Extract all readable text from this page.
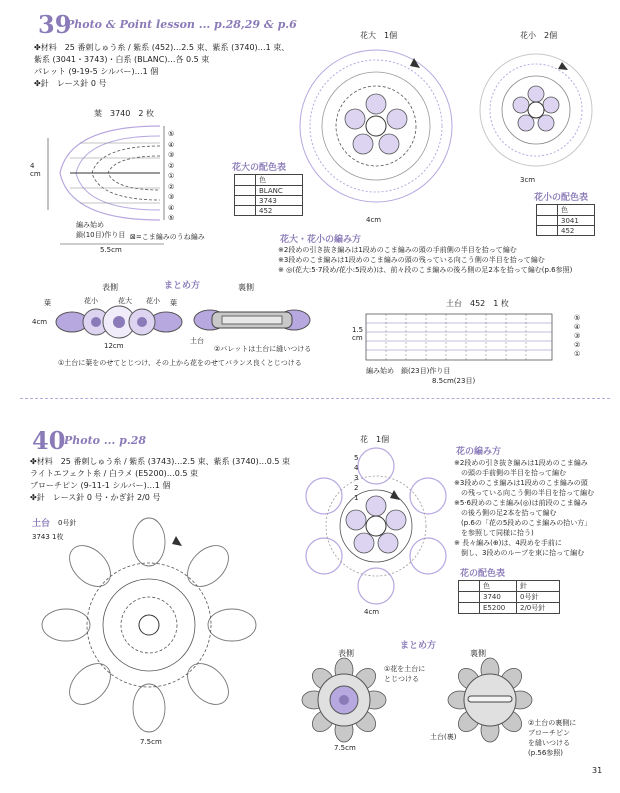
39
Photo & Point lesson ... p.28,29 & p.6
✤材料　25 番刺しゅう糸 / 紫系 (452)…2.5 束、紫系 (3740)…1 束、
紫系 (3041・3743)・白系 (BLANC)…各 0.5 束
パレット (9-19-5 シルバー)…1 個
✤針　レース針 0 号
葉　 3740　2 枚
⑤
④
③
②
①
②
③
④
⑤
4
cm
編み始め
鎖(10目)作り目 ⊠=こま編みのうね編み
5.5cm
花大　 1個
4cm
花小　 2個
3cm
花大の配色表
	色
	BLANC
	3743
	452
花小の配色表
	色
	3041
	452
花大・花小の編み方
※2段めの引き抜き編みは1段めのこま編みの頭の手前側の半目を拾って編む
※3段めのこま編みは1段めのこま編みの頭の残っている向こう側の半目を拾って編む
※ ◎(花大:5·7段め/花小:5段め)は、前々段のこま編みの後ろ側の足2本を拾って編む(p.6参照)
まとめ方
表側	裏側
葉	花小	花大 花小 葉
4cm
12cm
土台
②バレットは土台に縫いつける
①土台に葉をのせてとじつけ、その上から花をのせてバランス良くとじつける
土台　 452　1 枚
⑤
④
③
②
①
1.5
cm
編み始め　鎖(23目)作り目
8.5cm(23目)
40
Photo ... p.28
✤材料　25 番刺しゅう糸 / 紫系 (3743)…2.5 束、紫系 (3740)…0.5 束
ライトエフェクト糸 / 白ラメ (E5200)…0.5 束
ブローチピン (9-11-1 シルバー)…1 個
✤針　レース針 0 号・かぎ針 2/0 号
土台 0号針
3743 1枚
7.5cm
花　 1個
5
4
3
2
1
4cm
花の編み方
※2段めの引き抜き編みは1段めのこま編み
　の頭の手前側の半目を拾って編む
※3段めのこま編みは1段めのこま編みの頭
　の残っている向こう側の半目を拾って編む
※5·6段めのこま編み(◎)は前段のこま編み
　の後ろ側の足2本を拾って編む
　(p.6の「花の5段めのこま編みの拾い方」
　を参照して同様に拾う)
※ 長々編み(⊕)は、4段めを手前に
　倒し、3段めのループを束に拾って編む
花の配色表
	色	針
	3740	0号針
	E5200	2/0号針
まとめ方
表側	裏側
①花を土台に
とじつける
7.5cm
土台(裏)
②土台の裏側に
ブローチピン
を縫いつける
(p.56参照)
31
